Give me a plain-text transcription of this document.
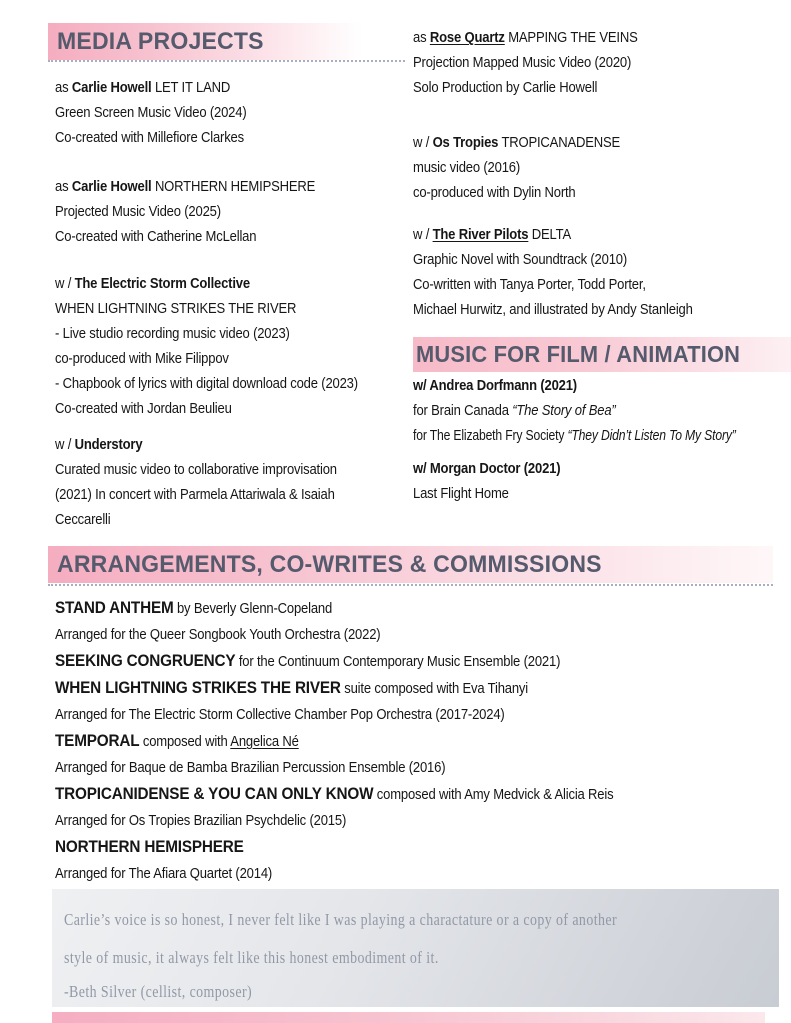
MEDIA PROJECTS
as Carlie Howell LET IT LAND
Green Screen Music Video (2024)
Co-created with Millefiore Clarkes
as Carlie Howell NORTHERN HEMIPSHERE
Projected Music Video (2025)
Co-created with Catherine McLellan
w / The Electric Storm Collective
WHEN LIGHTNING STRIKES THE RIVER
- Live studio recording music video (2023)
co-produced with Mike Filippov
- Chapbook of lyrics with digital download code (2023)
Co-created with Jordan Beulieu
w / Understory
Curated music video to collaborative improvisation
(2021) In concert with Parmela Attariwala & Isaiah
Ceccarelli
as Rose Quartz MAPPING THE VEINS
Projection Mapped Music Video (2020)
Solo Production by Carlie Howell
w / Os Tropies TROPICANADENSE
music video (2016)
co-produced with Dylin North
w / The River Pilots DELTA
Graphic Novel with Soundtrack (2010)
Co-written with Tanya Porter, Todd Porter,
Michael Hurwitz, and illustrated by Andy Stanleigh
MUSIC FOR FILM / ANIMATION
w/ Andrea Dorfmann (2021)
for Brain Canada “The Story of Bea”
for The Elizabeth Fry Society “They Didn’t Listen To My Story”
w/ Morgan Doctor (2021)
Last Flight Home
ARRANGEMENTS, CO-WRITES & COMMISSIONS
STAND ANTHEM by Beverly Glenn-Copeland
Arranged for the Queer Songbook Youth Orchestra (2022)
SEEKING CONGRUENCY for the Continuum Contemporary Music Ensemble (2021)
WHEN LIGHTNING STRIKES THE RIVER suite composed with Eva Tihanyi
Arranged for The Electric Storm Collective Chamber Pop Orchestra (2017-2024)
TEMPORAL composed with Angelica Né
Arranged for Baque de Bamba Brazilian Percussion Ensemble (2016)
TROPICANIDENSE & YOU CAN ONLY KNOW composed with Amy Medvick & Alicia Reis
Arranged for Os Tropies Brazilian Psychdelic (2015)
NORTHERN HEMISPHERE
Arranged for The Afiara Quartet (2014)
Carlie’s voice is so honest, I never felt like I was playing a charactature or a copy of another
style of music, it always felt like this honest embodiment of it.
-Beth Silver (cellist, composer)
